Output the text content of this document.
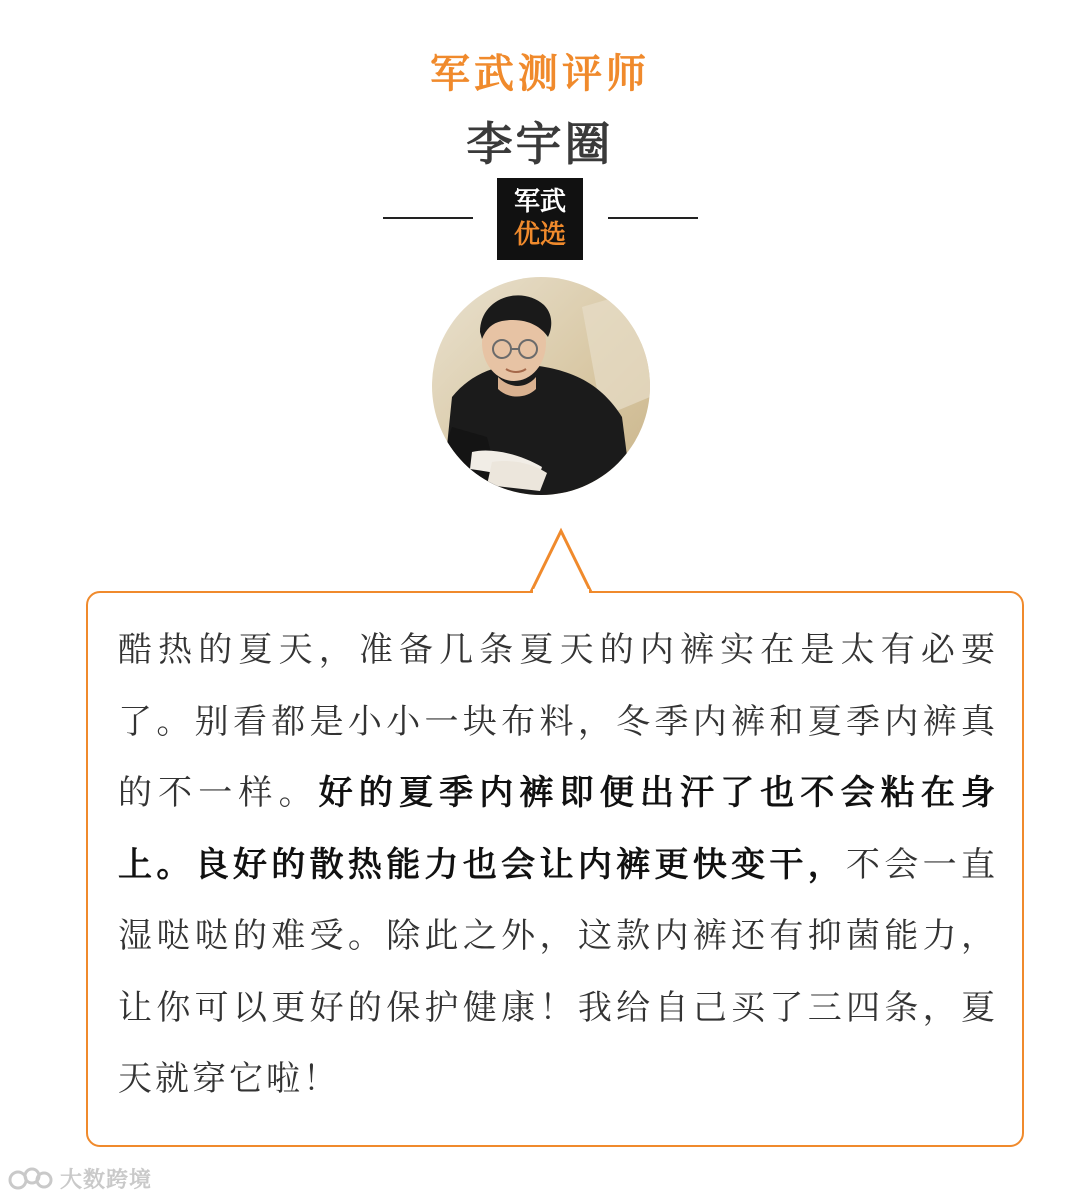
军武测评师
李宇圈
军武
优选

酷热的夏天，准备几条夏天的内裤实在是太有必要了。别看都是小小一块布料，冬季内裤和夏季内裤真的不一样。好的夏季内裤即便出汗了也不会粘在身上。良好的散热能力也会让内裤更快变干，不会一直湿哒哒的难受。除此之外，这款内裤还有抑菌能力，让你可以更好的保护健康！我给自己买了三四条，夏天就穿它啦！

大数跨境
